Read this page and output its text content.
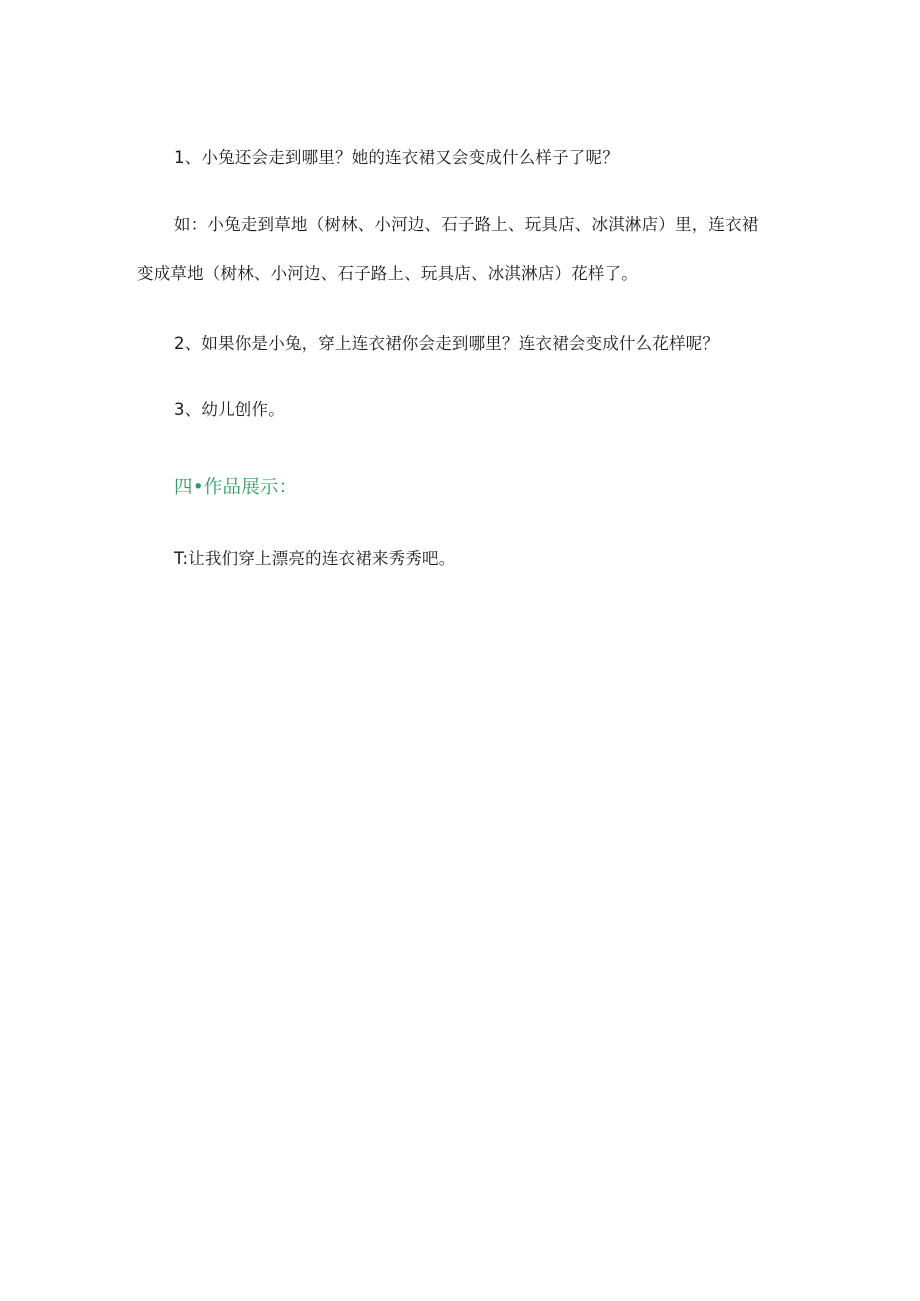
1、小兔还会走到哪里？她的连衣裙又会变成什么样子了呢？
如：小兔走到草地（树林、小河边、石子路上、玩具店、冰淇淋店）里，连衣裙
变成草地（树林、小河边、石子路上、玩具店、冰淇淋店）花样了。
2、如果你是小兔，穿上连衣裙你会走到哪里？连衣裙会变成什么花样呢？
3、幼儿创作。
四•作品展示：
T:让我们穿上漂亮的连衣裙来秀秀吧。
